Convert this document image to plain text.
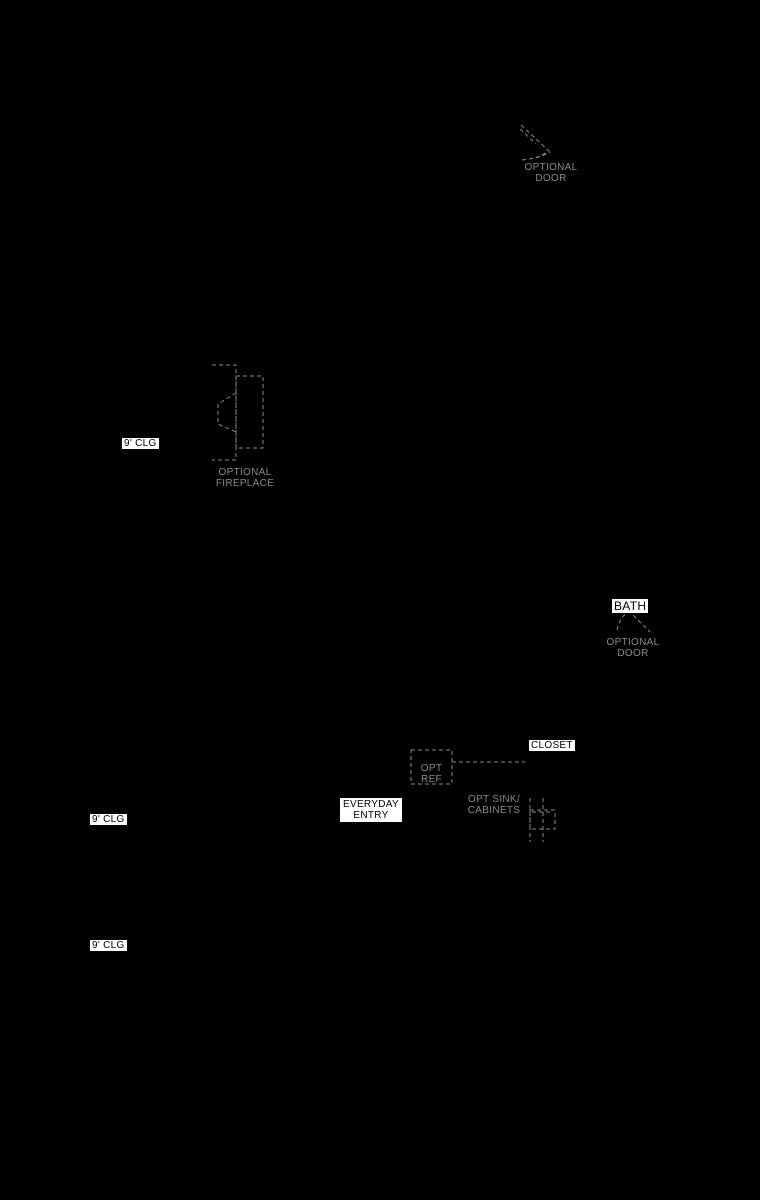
OPTIONAL
DOOR
OPTIONAL
FIREPLACE
9' CLG
9' CLG
9' CLG
BATH
OPTIONAL
DOOR
CLOSET
OPT
REF
OPT SINK/
CABINETS
EVERYDAY
ENTRY
